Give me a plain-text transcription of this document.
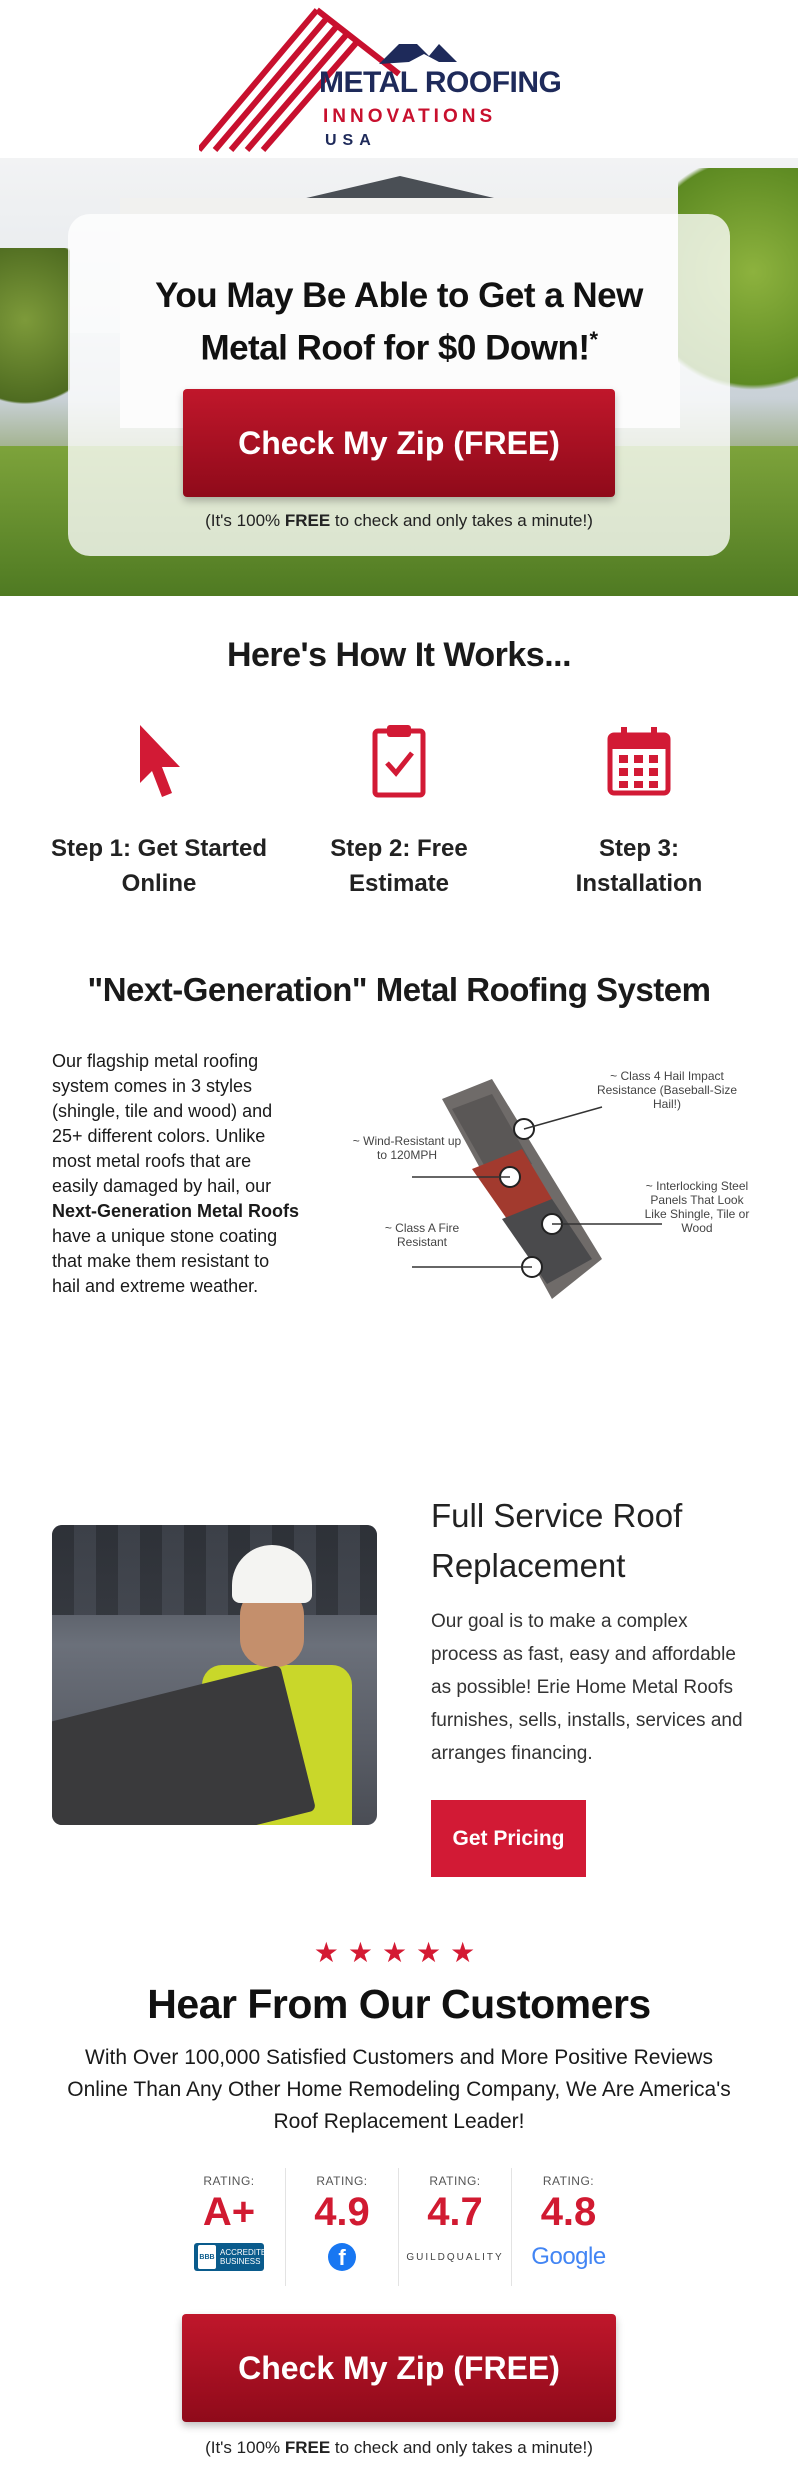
METAL ROOFING
INNOVATIONS
USA
You May Be Able to Get a New
Metal Roof for $0 Down!*
Check My Zip (FREE)

(It's 100% FREE to check and only takes a minute!)

Here's How It Works...
Step 1: Get Started
Online
Step 2: Free
Estimate
Step 3:
Installation
"Next-Generation" Metal Roofing System

Our flagship metal roofing system comes in 3 styles (shingle, tile and wood) and 25+ different colors. Unlike most metal roofs that are easily damaged by hail, our Next-Generation Metal Roofs have a unique stone coating that make them resistant to hail and extreme weather.

~ Class 4 Hail Impact Resistance (Baseball-Size Hail!)
~ Wind-Resistant up to 120MPH
~ Interlocking Steel Panels That Look Like Shingle, Tile or Wood
~ Class A Fire Resistant
Full Service Roof Replacement

Our goal is to make a complex process as fast, easy and affordable as possible! Erie Home Metal Roofs furnishes, sells, installs, services and arranges financing.

Get Pricing
★★★★★
Hear From Our Customers

With Over 100,000 Satisfied Customers and More Positive Reviews Online Than Any Other Home Remodeling Company, We Are America's Roof Replacement Leader!

RATING:
A+
BBB ACCREDITED BUSINESS
RATING:
4.9
f
RATING:
4.7
GUILDQUALITY
RATING:
4.8
Google
Check My Zip (FREE)

(It's 100% FREE to check and only takes a minute!)
